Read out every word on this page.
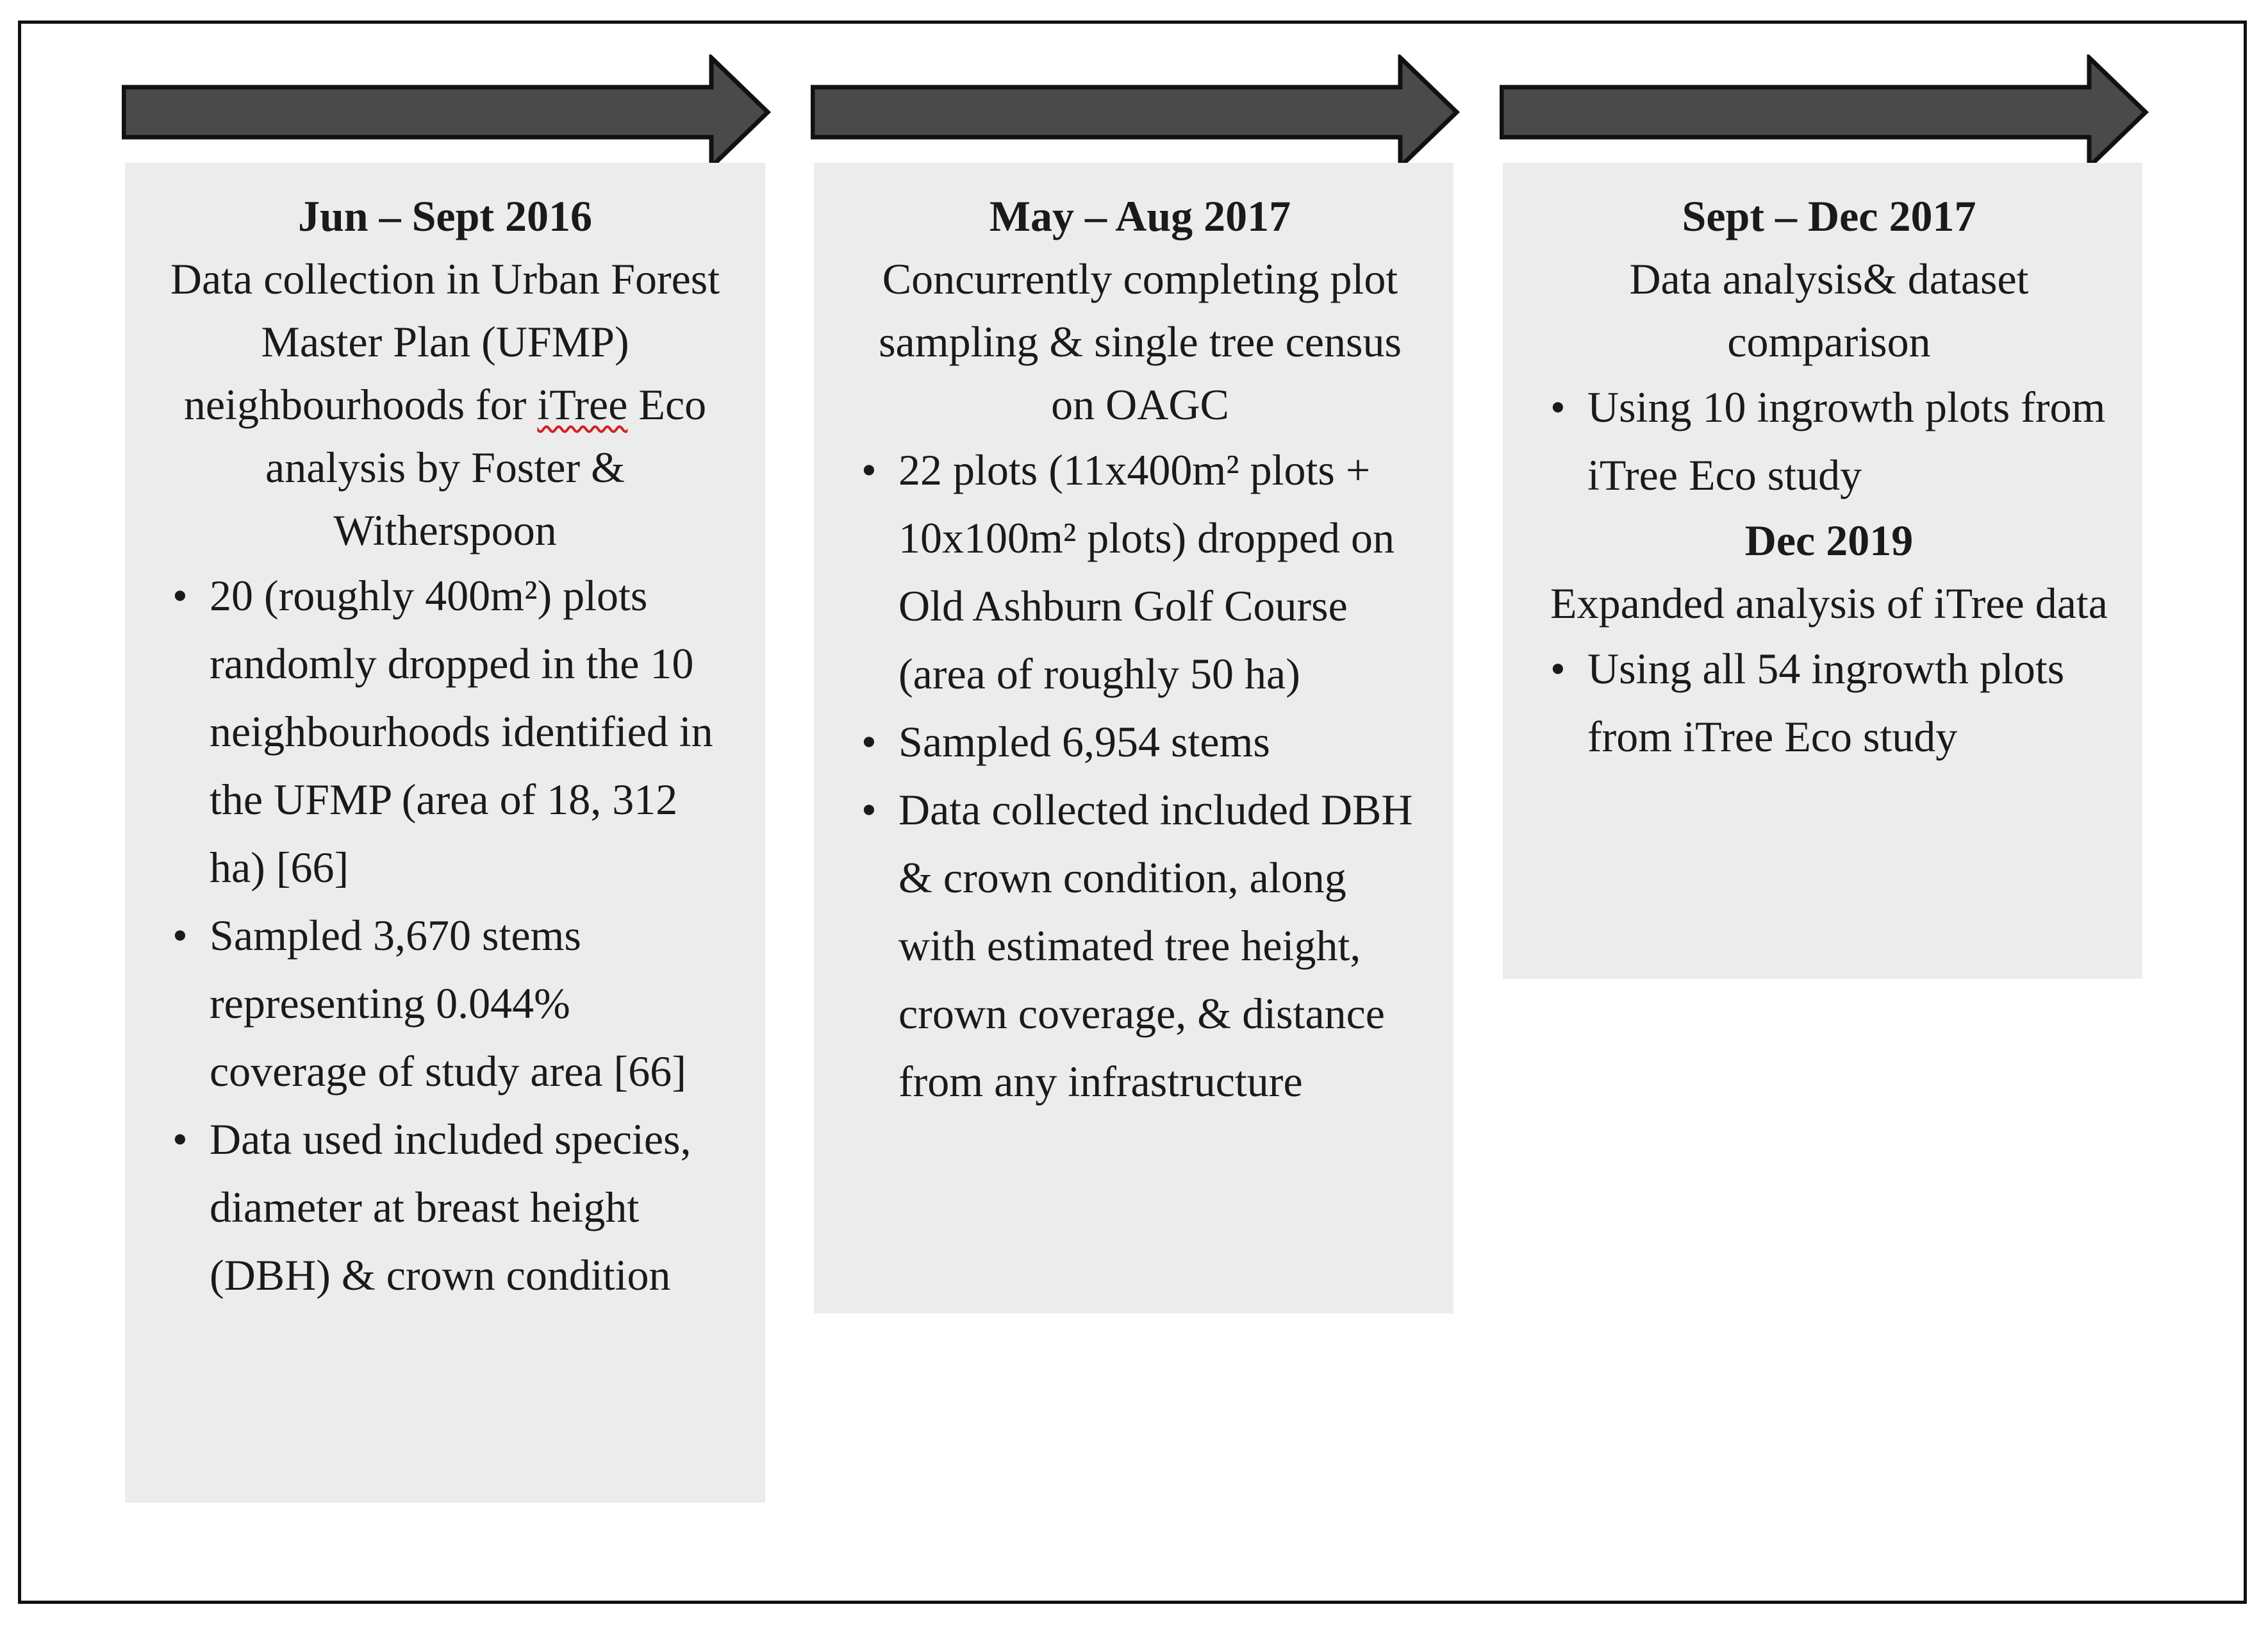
Jun – Sept 2016

Data collection in Urban Forest Master Plan (UFMP) neighbourhoods for iTree Eco analysis by Foster & Witherspoon

• 20 (roughly 400m²) plots randomly dropped in the 10 neighbourhoods identified in the UFMP (area of 18, 312 ha) [66]
• Sampled 3,670 stems representing 0.044% coverage of study area [66]
• Data used included species, diameter at breast height (DBH) & crown condition

May – Aug 2017

Concurrently completing plot sampling & single tree census on OAGC

• 22 plots (11x400m² plots + 10x100m² plots) dropped on Old Ashburn Golf Course (area of roughly 50 ha)
• Sampled 6,954 stems
• Data collected included DBH & crown condition, along with estimated tree height, crown coverage, & distance from any infrastructure

Sept – Dec 2017

Data analysis& dataset comparison

• Using 10 ingrowth plots from iTree Eco study

Dec 2019

Expanded analysis of iTree data

• Using all 54 ingrowth plots from iTree Eco study
